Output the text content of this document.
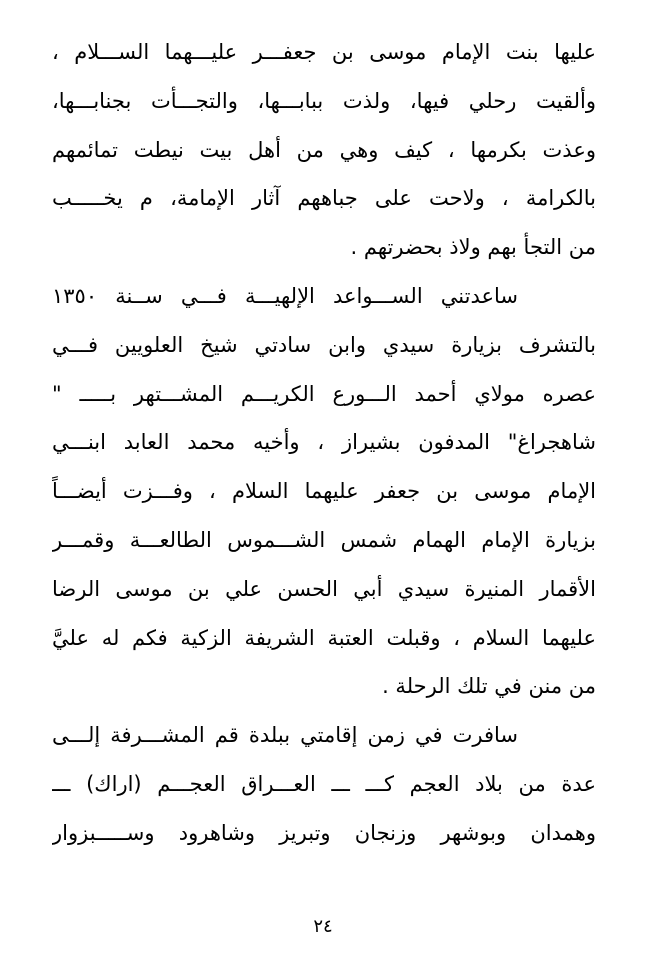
عليها بنت الإمام موسى بن جعفـــر عليـــهما الســـلام ،
وألقيت رحلي فيها، ولذت ببابـــها، والتجـــأت بجنابـــها،
وعذت بكرمها ، كيف وهي من أهل بيت نيطت تمائمهم
بالكرامة ، ولاحت على جباههم آثار الإمامة، م يخـــــب
من التجأ بهم ولاذ بحضرتهم .
ساعدتني الســـواعد الإلهيـــة فـــي ســنة ١٣٥٠
بالتشرف بزيارة سيدي وابن سادتي شيخ العلويين فـــي
عصره مولاي أحمد الـــورع الكريـــم المشـــتهر بـــــ "
شاهجراغ" المدفون بشيراز ، وأخيه محمد العابد ابنـــي
الإمام موسى بن جعفر عليهما السلام ، وفـــزت أيضـــاً
بزيارة الإمام الهمام شمس الشـــموس الطالعـــة وقمـــر
الأقمار المنيرة سيدي أبي الحسن علي بن موسى الرضا
عليهما السلام ، وقبلت العتبة الشريفة الزكية فكم له عليَّ
من منن في تلك الرحلة .
سافرت في زمن إقامتي ببلدة قم المشـــرفة إلـــى
عدة من بلاد العجم كـــ ـــ العـــراق العجـــم (اراك) ـــ
وهمدان وبوشهر وزنجان وتبريز وشاهرود وســـــبزوار
٢٤
